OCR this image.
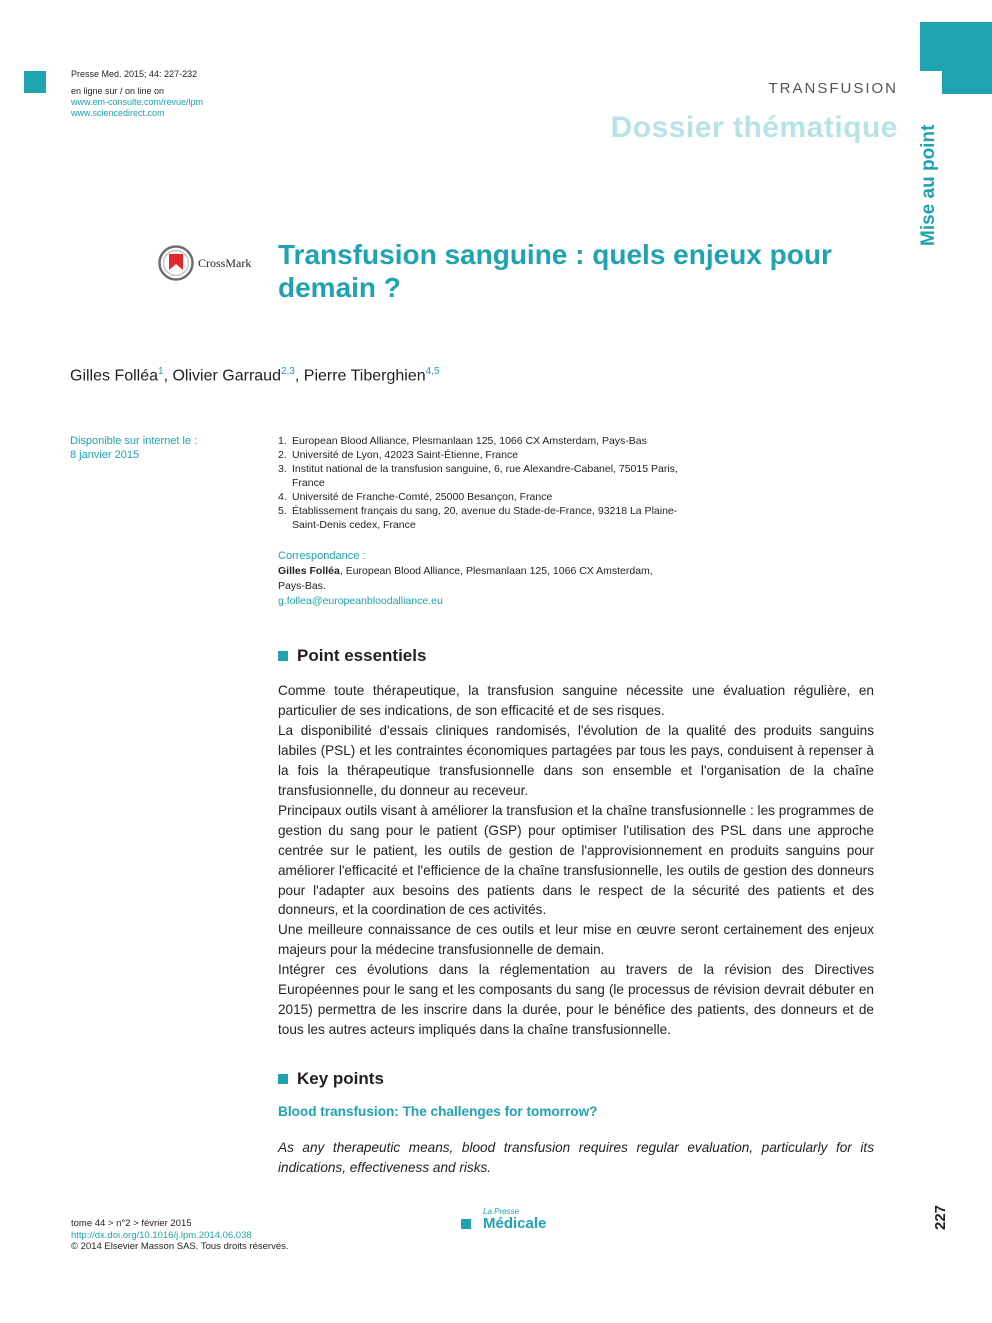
Presse Med. 2015; 44: 227-232
en ligne sur / on line on
www.em-consulte.com/revue/lpm
www.sciencedirect.com
TRANSFUSION
Dossier thématique Mise au point
CrossMark Transfusion sanguine : quels enjeux pour demain ?
Gilles Folléa$^1$, Olivier Garraud$^{2,3}$, Pierre Tiberghien$^{4,5}$
Disponible sur internet le :
8 janvier 2015
1. European Blood Alliance, Plesmanlaan 125, 1066 CX Amsterdam, Pays-Bas
2. Université de Lyon, 42023 Saint-Étienne, France
3. Institut national de la transfusion sanguine, 6, rue Alexandre-Cabanel, 75015 Paris, France
4. Université de Franche-Comté, 25000 Besançon, France
5. Établissement français du sang, 20, avenue du Stade-de-France, 93218 La Plaine-Saint-Denis cedex, France
Correspondance :
Gilles Folléa, European Blood Alliance, Plesmanlaan 125, 1066 CX Amsterdam, Pays-Bas.
g.follea@europeanbloodalliance.eu
Point essentiels

Comme toute thérapeutique, la transfusion sanguine nécessite une évaluation régulière, en particulier de ses indications, de son efficacité et de ses risques.

La disponibilité d'essais cliniques randomisés, l'évolution de la qualité des produits sanguins labiles (PSL) et les contraintes économiques partagées par tous les pays, conduisent à repenser à la fois la thérapeutique transfusionnelle dans son ensemble et l'organisation de la chaîne transfusionnelle, du donneur au receveur.

Principaux outils visant à améliorer la transfusion et la chaîne transfusionnelle : les programmes de gestion du sang pour le patient (GSP) pour optimiser l'utilisation des PSL dans une approche centrée sur le patient, les outils de gestion de l'approvisionnement en produits sanguins pour améliorer l'efficacité et l'efficience de la chaîne transfusionnelle, les outils de gestion des donneurs pour l'adapter aux besoins des patients dans le respect de la sécurité des patients et des donneurs, et la coordination de ces activités.

Une meilleure connaissance de ces outils et leur mise en œuvre seront certainement des enjeux majeurs pour la médecine transfusionnelle de demain.

Intégrer ces évolutions dans la réglementation au travers de la révision des Directives Européennes pour le sang et les composants du sang (le processus de révision devrait débuter en 2015) permettra de les inscrire dans la durée, pour le bénéfice des patients, des donneurs et de tous les autres acteurs impliqués dans la chaîne transfusionnelle.

Key points
Blood transfusion: The challenges for tomorrow?
As any therapeutic means, blood transfusion requires regular evaluation, particularly for its indications, effectiveness and risks.
tome 44 > n°2 > février 2015
http://dx.doi.org/10.1016/j.lpm.2014.06.038
© 2014 Elsevier Masson SAS. Tous droits réservés.
La Presse
Médicale	227
